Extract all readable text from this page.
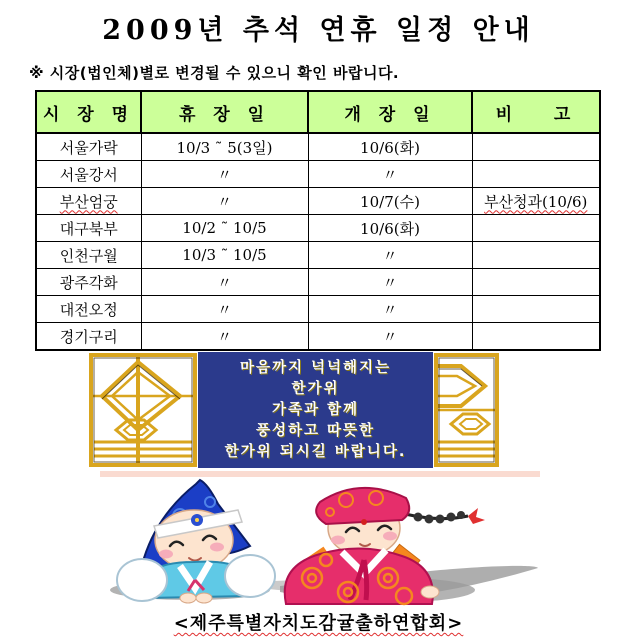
2009년 추석 연휴 일정 안내
※ 시장(법인체)별로 변경될 수 있으니 확인 바랍니다.
시 장 명	휴 장 일	개 장 일	비   고
서울가락	10/3 ˜ 5(3일)	10/6(화)	
서울강서	〃	〃	
부산엄궁	〃	10/7(수)	부산청과(10/6)
대구북부	10/2 ˜ 10/5	10/6(화)	
인천구월	10/3 ˜ 10/5	〃	
광주각화	〃	〃	
대전오정	〃	〃	
경기구리	〃	〃	
마음까지 넉넉해지는
한가위
가족과 함께
풍성하고 따뜻한
한가위 되시길 바랍니다.
<제주특별자치도감귤출하연합회>
